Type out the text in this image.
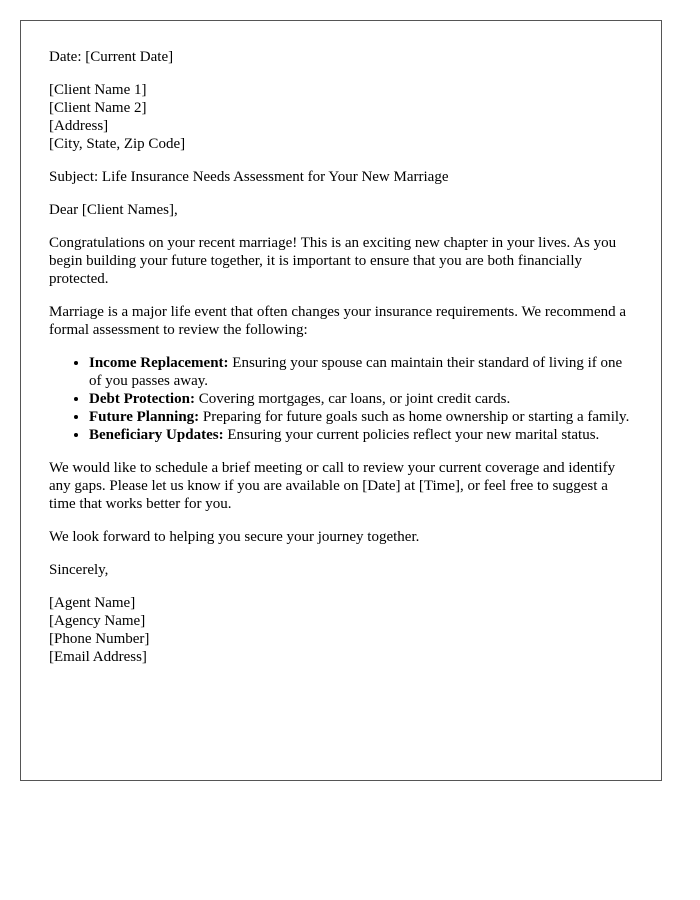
Date: [Current Date]

[Client Name 1]
[Client Name 2]
[Address]
[City, State, Zip Code]

Subject: Life Insurance Needs Assessment for Your New Marriage

Dear [Client Names],

Congratulations on your recent marriage! This is an exciting new chapter in your lives. As you begin building your future together, it is important to ensure that you are both financially protected.

Marriage is a major life event that often changes your insurance requirements. We recommend a formal assessment to review the following:

• Income Replacement: Ensuring your spouse can maintain their standard of living if one of you passes away.
• Debt Protection: Covering mortgages, car loans, or joint credit cards.
• Future Planning: Preparing for future goals such as home ownership or starting a family.
• Beneficiary Updates: Ensuring your current policies reflect your new marital status.

We would like to schedule a brief meeting or call to review your current coverage and identify any gaps. Please let us know if you are available on [Date] at [Time], or feel free to suggest a time that works better for you.

We look forward to helping you secure your journey together.

Sincerely,

[Agent Name]
[Agency Name]
[Phone Number]
[Email Address]
